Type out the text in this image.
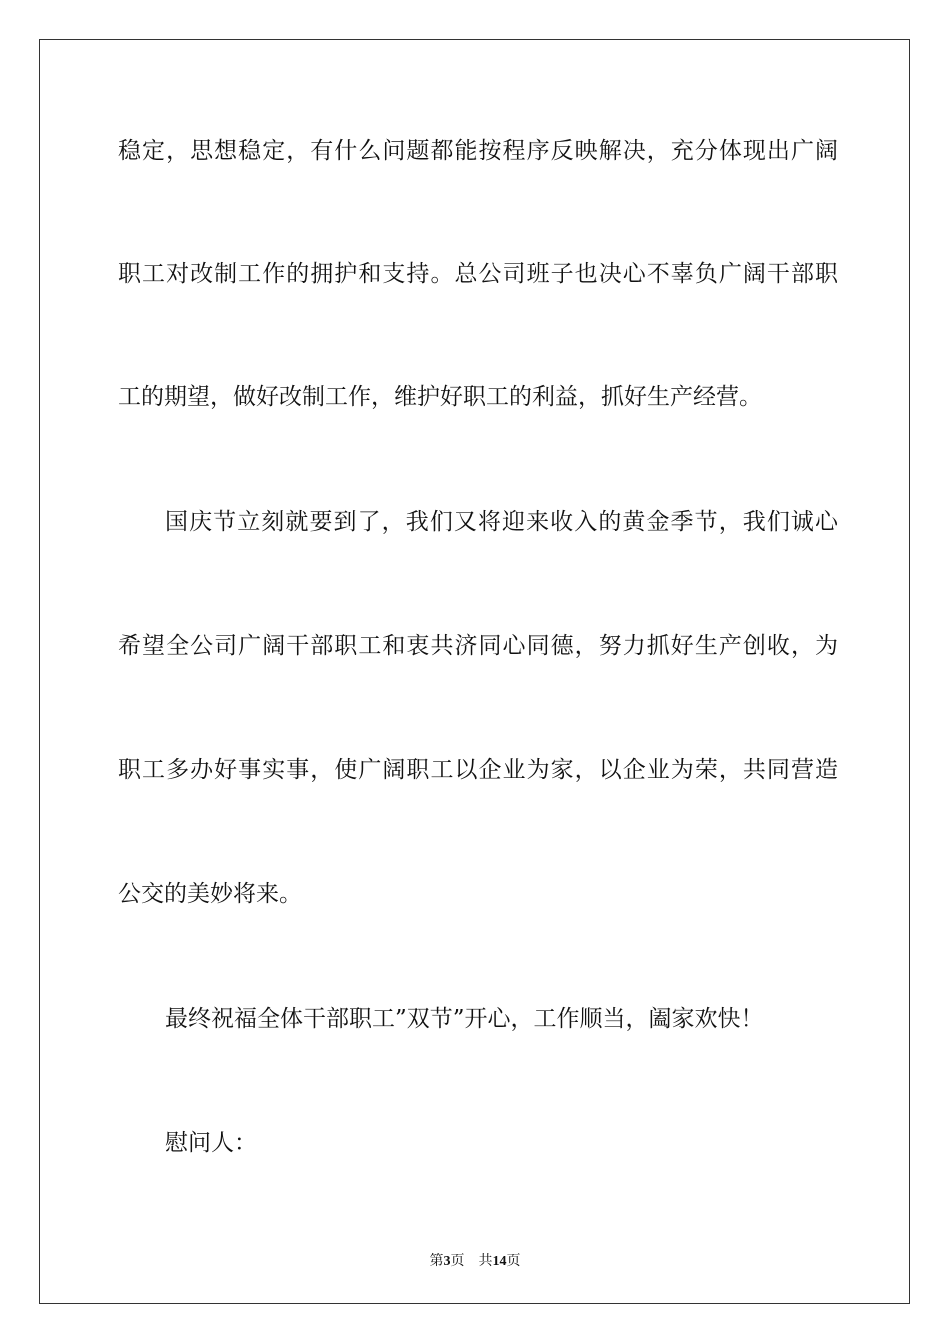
稳定，思想稳定，有什么问题都能按程序反映解决，充分体现出广阔
职工对改制工作的拥护和支持。总公司班子也决心不辜负广阔干部职
工的期望，做好改制工作，维护好职工的利益，抓好生产经营。
国庆节立刻就要到了，我们又将迎来收入的黄金季节，我们诚心
希望全公司广阔干部职工和衷共济同心同德，努力抓好生产创收，为
职工多办好事实事，使广阔职工以企业为家，以企业为荣，共同营造
公交的美妙将来。
最终祝福全体干部职工”双节”开心，工作顺当，阖家欢快！
慰问人：
第3页 共14页
